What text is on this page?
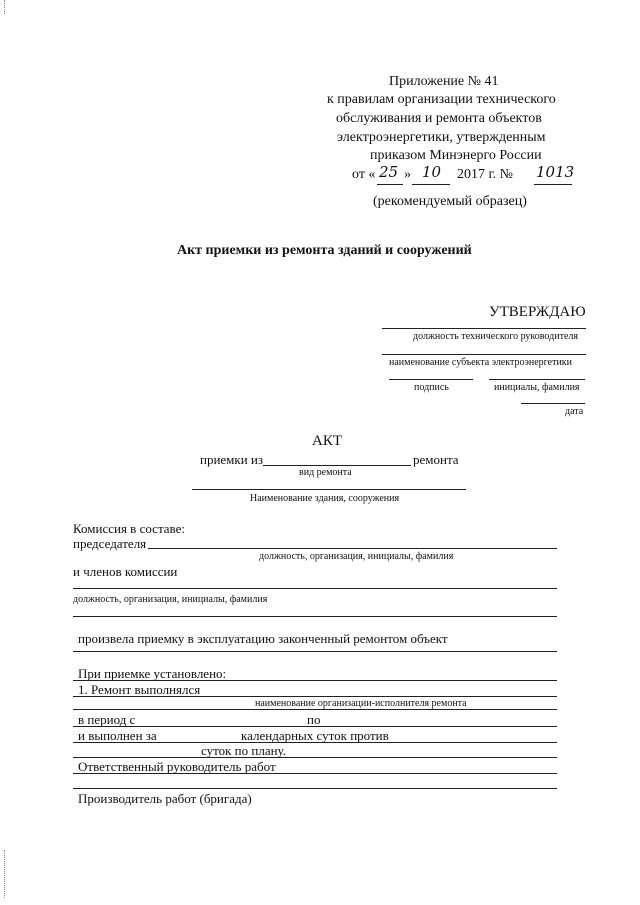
Приложение № 41
к правилам организации технического
обслуживания и ремонта объектов
электроэнергетики, утвержденным
приказом Минэнерго России
от « 25 » 10 2017 г. № 1013
(рекомендуемый образец)
Акт приемки из ремонта зданий и сооружений
УТВЕРЖДАЮ
должность технического руководителя
наименование субъекта электроэнергетики
подпись	инициалы, фамилия
дата
АКТ
приемки из	ремонта
вид ремонта
Наименование здания, сооружения
Комиссия в составе:
председателя
должность, организация, инициалы, фамилия
и членов комиссии
должность, организация, инициалы, фамилия
произвела приемку в эксплуатацию законченный ремонтом объект
При приемке установлено:
1. Ремонт выполнялся
наименование организации-исполнителя ремонта
в период с	по
и выполнен за	календарных суток против
суток по плану.
Ответственный руководитель работ
Производитель работ (бригада)
